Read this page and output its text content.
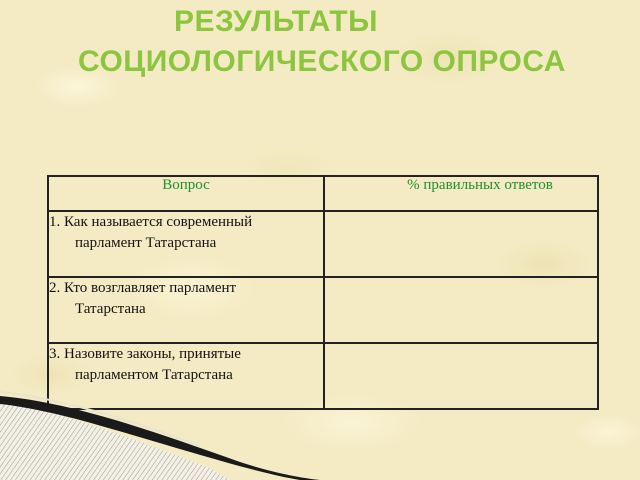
РЕЗУЛЬТАТЫ
СОЦИОЛОГИЧЕСКОГО ОПРОСА
Вопрос	% правильных ответов
1. Как называется современный
парламент Татарстана	

2. Кто возглавляет парламент
Татарстана	

3. Назовите законы, принятые
парламентом Татарстана	
